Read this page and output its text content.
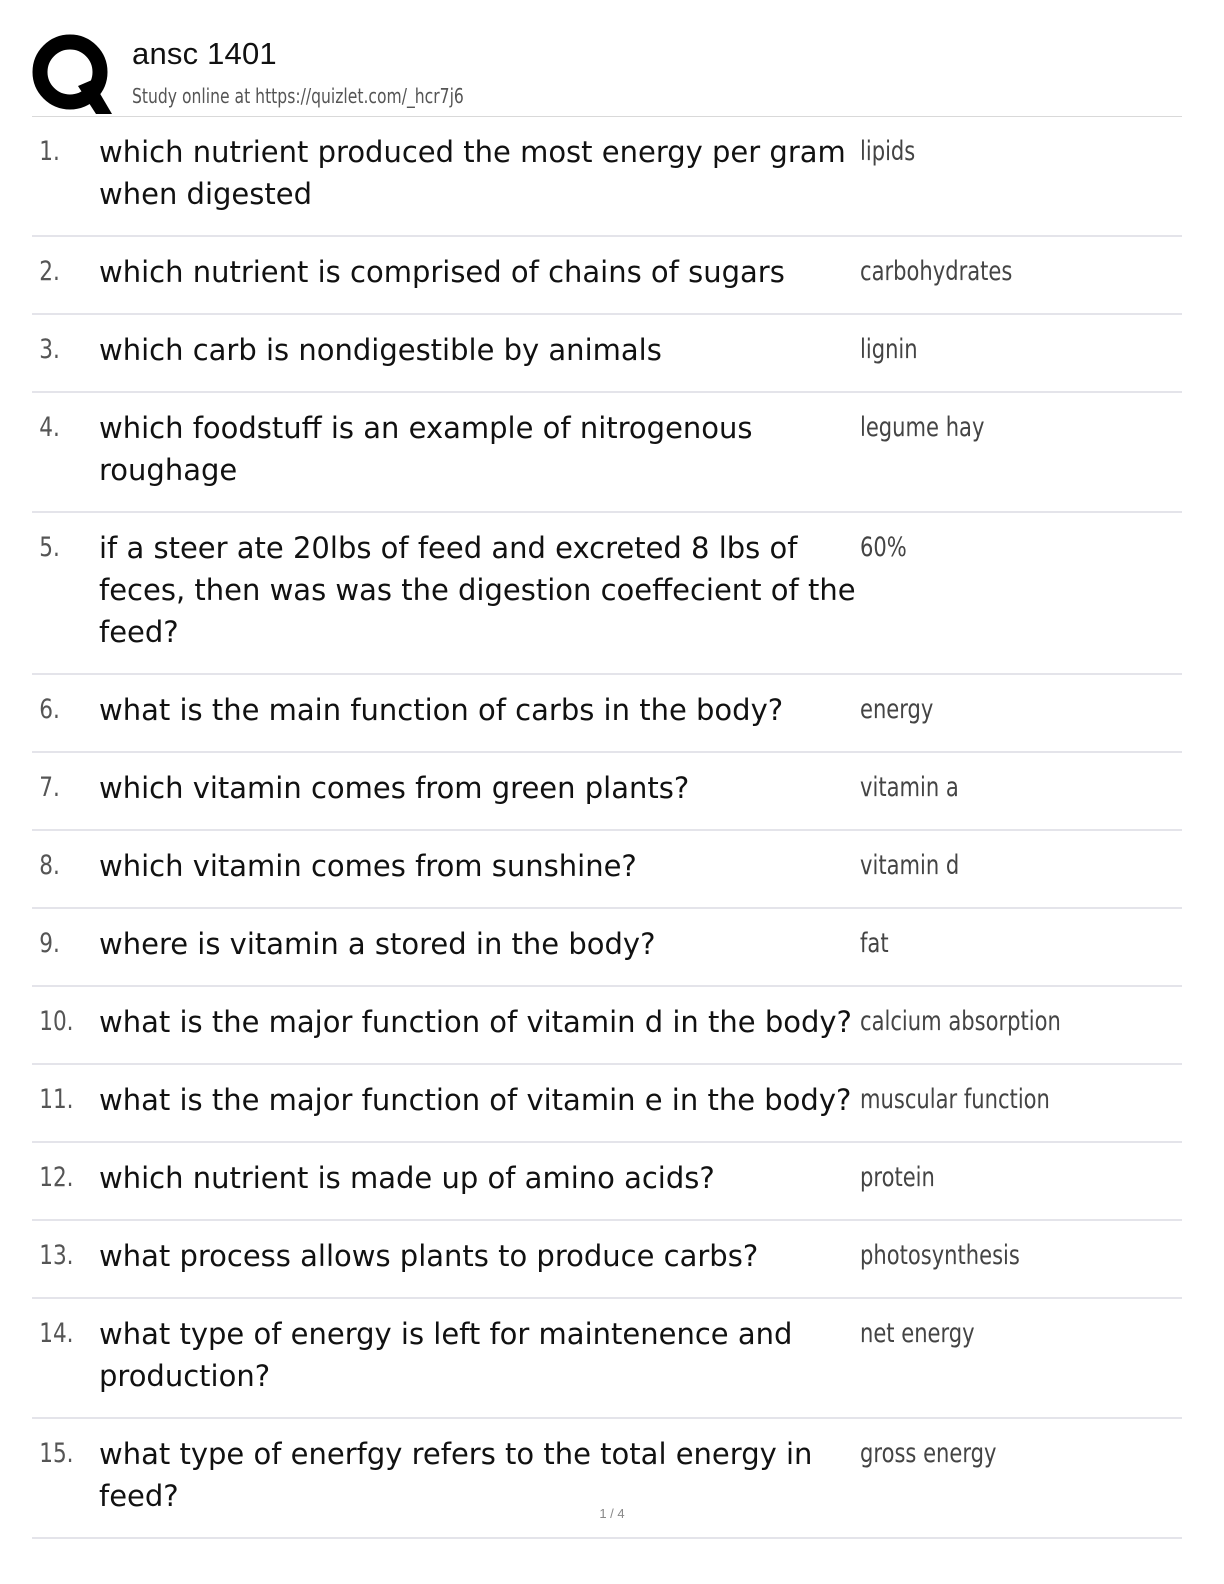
ansc 1401
Study online at https://quizlet.com/_hcr7j6
1.	which nutrient produced the most energy per gram when digested
lipids
2.	which nutrient is comprised of chains of sugars	carbohydrates
3.	which carb is nondigestible by animals	lignin
4.	which foodstuff is an example of nitrogenous roughage
legume hay
5.	if a steer ate 20lbs of feed and excreted 8 lbs of feces, then was was the digestion coeffecient of the feed?
60%
6.	what is the main function of carbs in the body?	energy
7.	which vitamin comes from green plants?	vitamin a
8.	which vitamin comes from sunshine?	vitamin d
9.	where is vitamin a stored in the body?	fat
10. what is the major function of vitamin d in the body? calcium absorption
11. what is the major function of vitamin e in the body? muscular function
12. which nutrient is made up of amino acids?	protein
13. what process allows plants to produce carbs?	photosynthesis
14. what type of energy is left for maintenence and production?
net energy
15. what type of enerfgy refers to the total energy in feed?
gross energy
1 / 4
